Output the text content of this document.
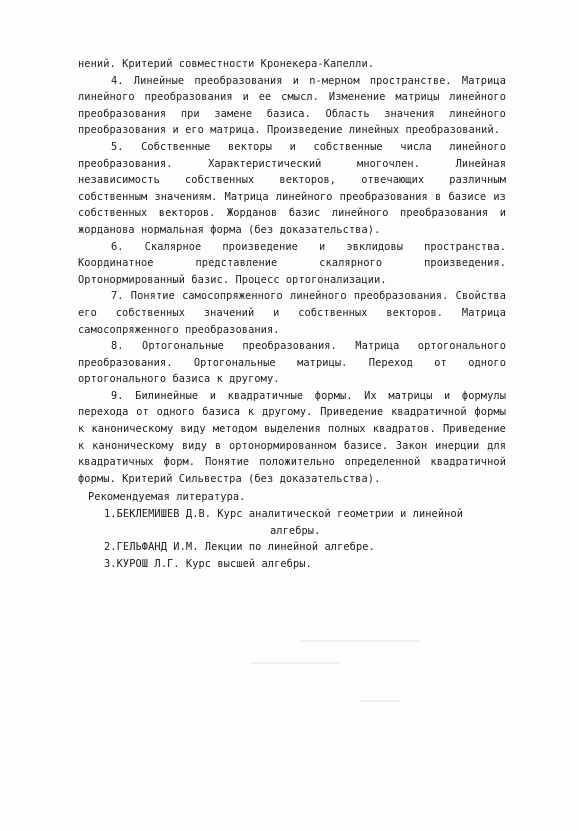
нений. Критерий совместности Кронекера-Капелли.

4. Линейные преобразования и n-мерном пространстве. Матрица линейного преобразования и ее смысл. Изменение матрицы линейного преобразования при замене базиса. Область значения линейного преобразования и его матрица. Произведение линейных преобразований.

5. Собственные векторы и собственные числа линейного преобразования. Характеристический многочлен. Линейная независимость собственных векторов, отвечающих различным собственным значениям. Матрица линейного преобразования в базисе из собственных векторов. Жорданов базис линейного преобразования и жорданова нормальная форма (без доказательства).

6. Скалярное произведение и эвклидовы пространства. Координатное представление скалярного произведения. Ортонормированный базис. Процесс ортогонализации.

7. Понятие самосопряженного линейного преобразования. Свойства его собственных значений и собственных векторов. Матрица самосопряженного преобразования.

8. Ортогональные преобразования. Матрица ортогонального преобразования. Ортогональные матрицы. Переход от одного ортогонального базиса к другому.

9. Билинейные и квадратичные формы. Их матрицы и формулы перехода от одного базиса к другому. Приведение квадратичной формы к каноническому виду методом выделения полных квадратов. Приведение к каноническому виду в ортонормированном базисе. Закон инерции для квадратичных форм. Понятие положительно определенной квадратичной формы. Критерий Сильвестра (без доказательства).

Рекомендуемая литература.

1.БЕКЛЕМИШЕВ Д.В. Курс аналитической геометрии и линейной
алгебры.

2.ГЕЛЬФАНД И.М. Лекции по линейной алгебре.

3.КУРОШ Л.Г. Курс высшей алгебры.
